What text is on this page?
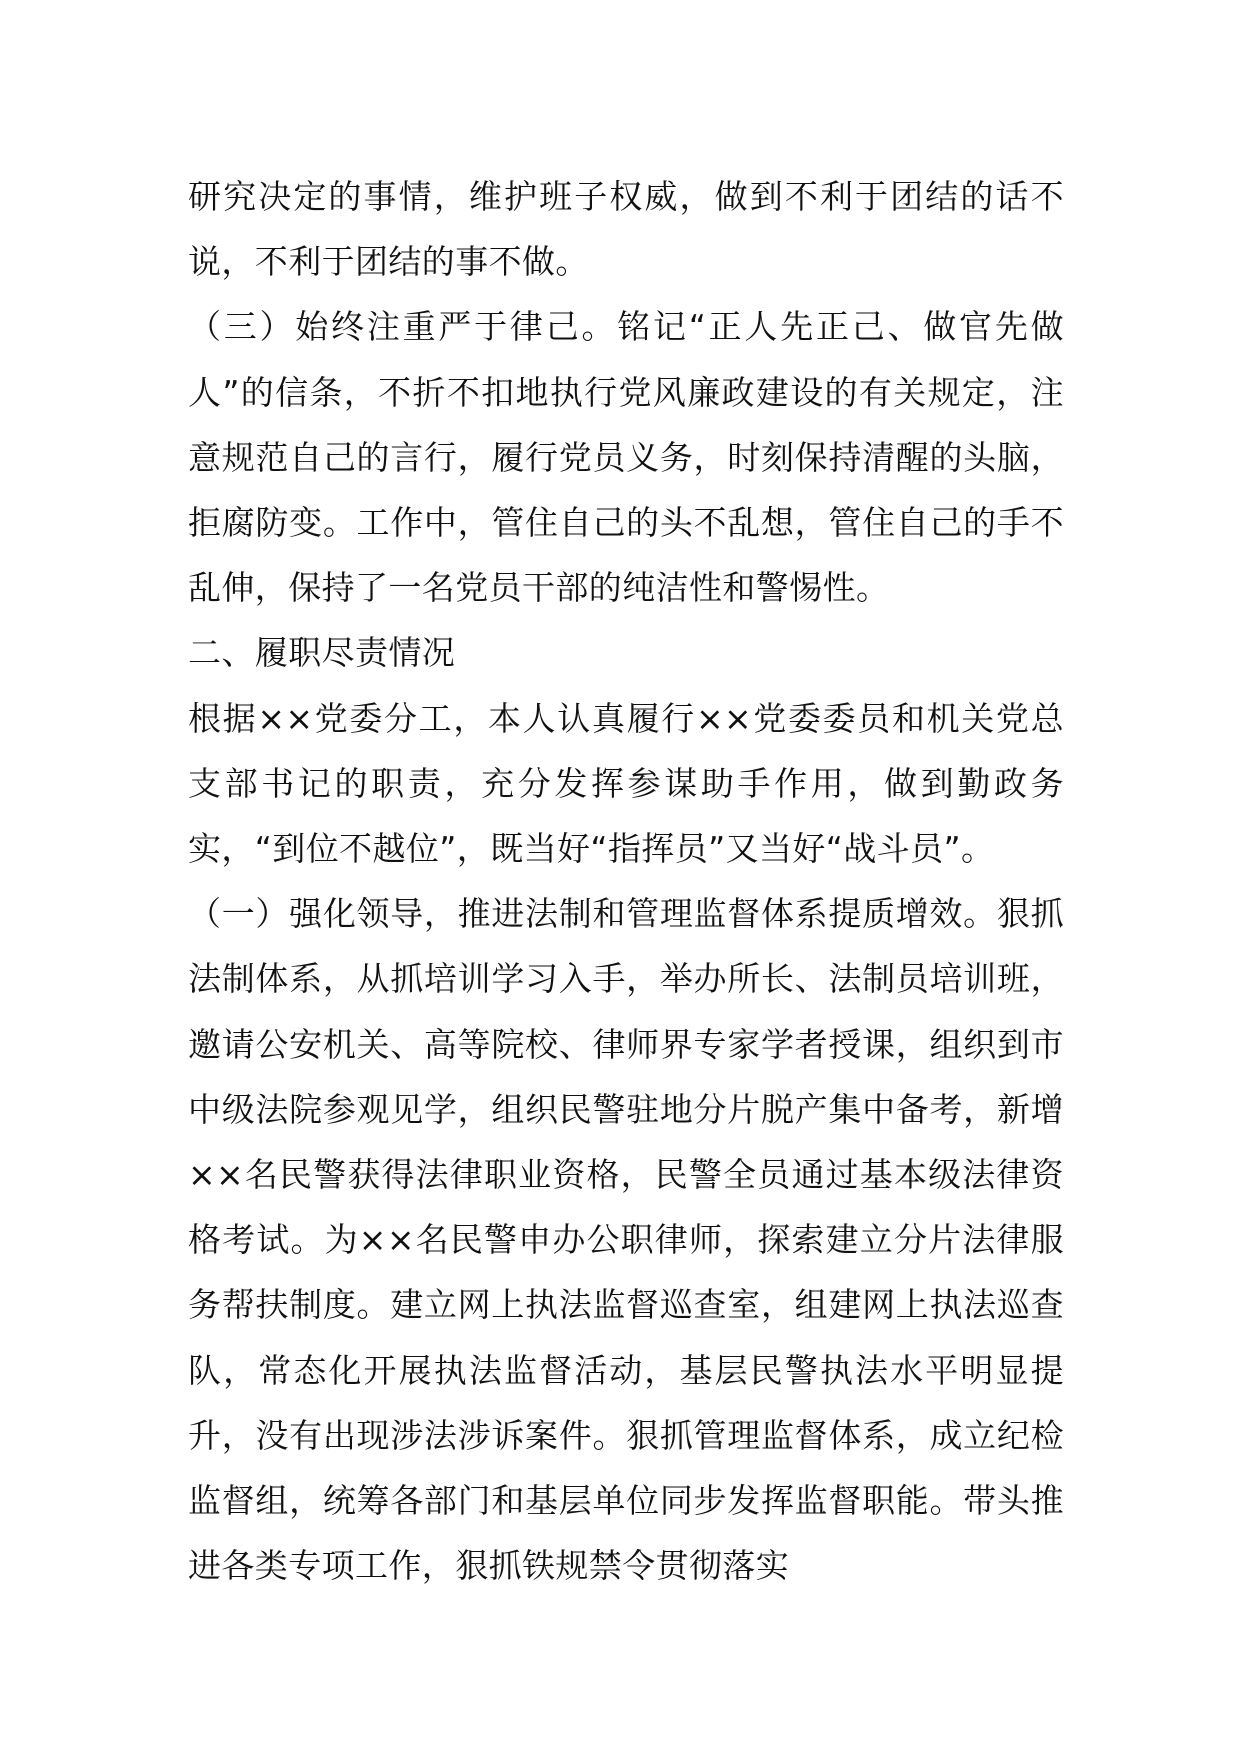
研究决定的事情，维护班子权威，做到不利于团结的话不说，不利于团结的事不做。

（三）始终注重严于律己。铭记“正人先正己、做官先做人”的信条，不折不扣地执行党风廉政建设的有关规定，注意规范自己的言行，履行党员义务，时刻保持清醒的头脑，拒腐防变。工作中，管住自己的头不乱想，管住自己的手不乱伸，保持了一名党员干部的纯洁性和警惕性。

二、履职尽责情况

根据××党委分工，本人认真履行××党委委员和机关党总支部书记的职责，充分发挥参谋助手作用，做到勤政务实，“到位不越位”，既当好“指挥员”又当好“战斗员”。

（一）强化领导，推进法制和管理监督体系提质增效。狠抓法制体系，从抓培训学习入手，举办所长、法制员培训班，邀请公安机关、高等院校、律师界专家学者授课，组织到市中级法院参观见学，组织民警驻地分片脱产集中备考，新增××名民警获得法律职业资格，民警全员通过基本级法律资格考试。为××名民警申办公职律师，探索建立分片法律服务帮扶制度。建立网上执法监督巡查室，组建网上执法巡查队，常态化开展执法监督活动，基层民警执法水平明显提升，没有出现涉法涉诉案件。狠抓管理监督体系，成立纪检监督组，统筹各部门和基层单位同步发挥监督职能。带头推进各类专项工作，狠抓铁规禁令贯彻落实
